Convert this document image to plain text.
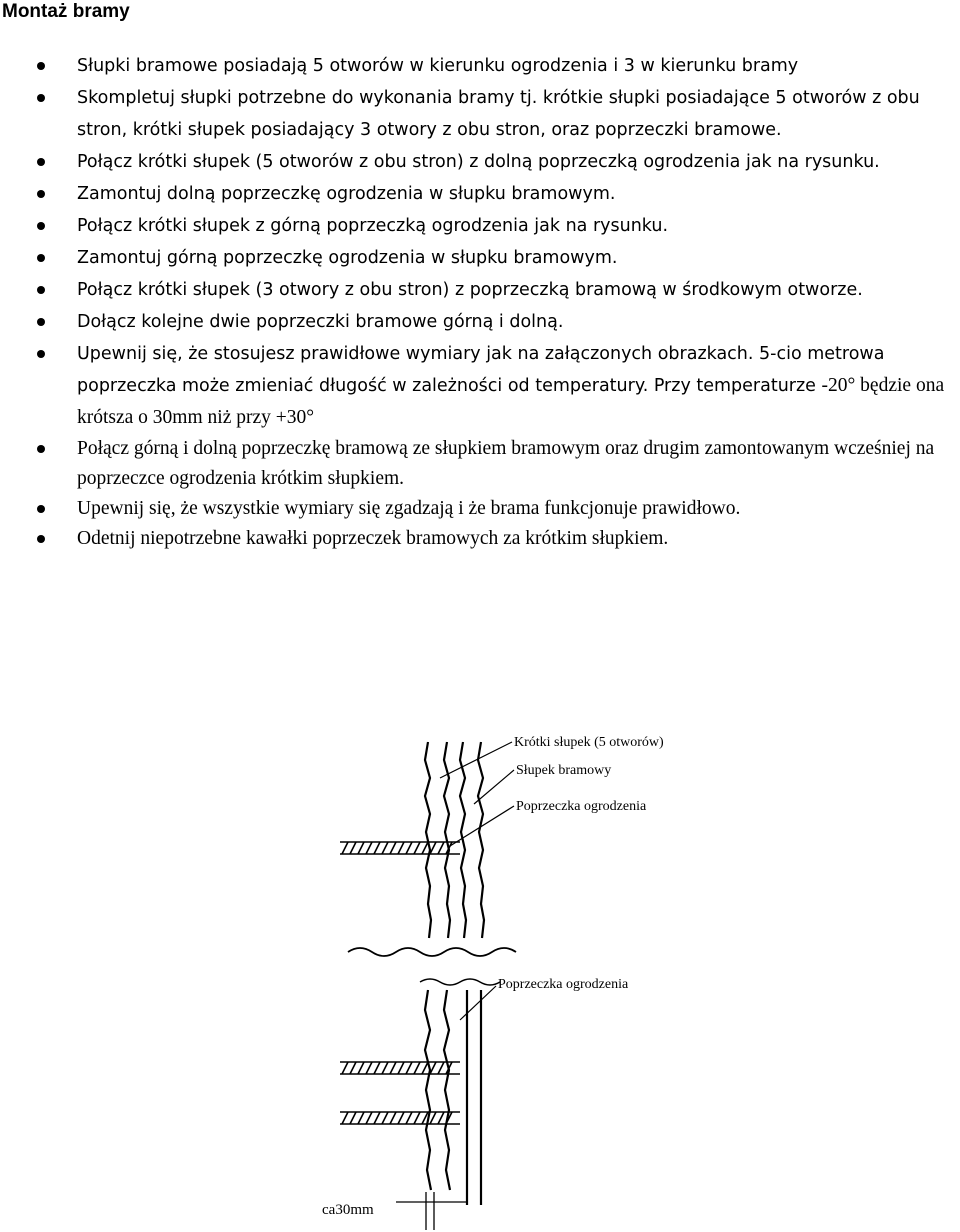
Montaż bramy
Słupki bramowe posiadają 5 otworów w kierunku ogrodzenia i 3 w kierunku bramy
Skompletuj słupki potrzebne do wykonania bramy tj. krótkie słupki posiadające 5 otworów z obu stron, krótki słupek posiadający 3 otwory z obu stron, oraz poprzeczki bramowe.
Połącz krótki słupek (5 otworów z obu stron) z dolną poprzeczką ogrodzenia jak na rysunku.
Zamontuj dolną poprzeczkę ogrodzenia w słupku bramowym.
Połącz krótki słupek z górną poprzeczką ogrodzenia jak na rysunku.
Zamontuj górną poprzeczkę ogrodzenia w słupku bramowym.
Połącz krótki słupek (3 otwory z obu stron) z poprzeczką bramową w środkowym otworze.
Dołącz kolejne dwie poprzeczki bramowe górną i dolną.
Upewnij się, że stosujesz prawidłowe wymiary jak na załączonych obrazkach. 5-cio metrowa poprzeczka może zmieniać długość w zależności od temperatury. Przy temperaturze -20° będzie ona krótsza o 30mm niż przy +30°
Połącz górną i dolną poprzeczkę bramową ze słupkiem bramowym oraz drugim zamontowanym wcześniej na poprzeczce ogrodzenia krótkim słupkiem.
Upewnij się, że wszystkie wymiary się zgadzają i że brama funkcjonuje prawidłowo.
Odetnij niepotrzebne kawałki poprzeczek bramowych za krótkim słupkiem.
Krótki słupek (5 otworów)
Słupek bramowy
Poprzeczka ogrodzenia
Poprzeczka ogrodzenia
ca30mm
